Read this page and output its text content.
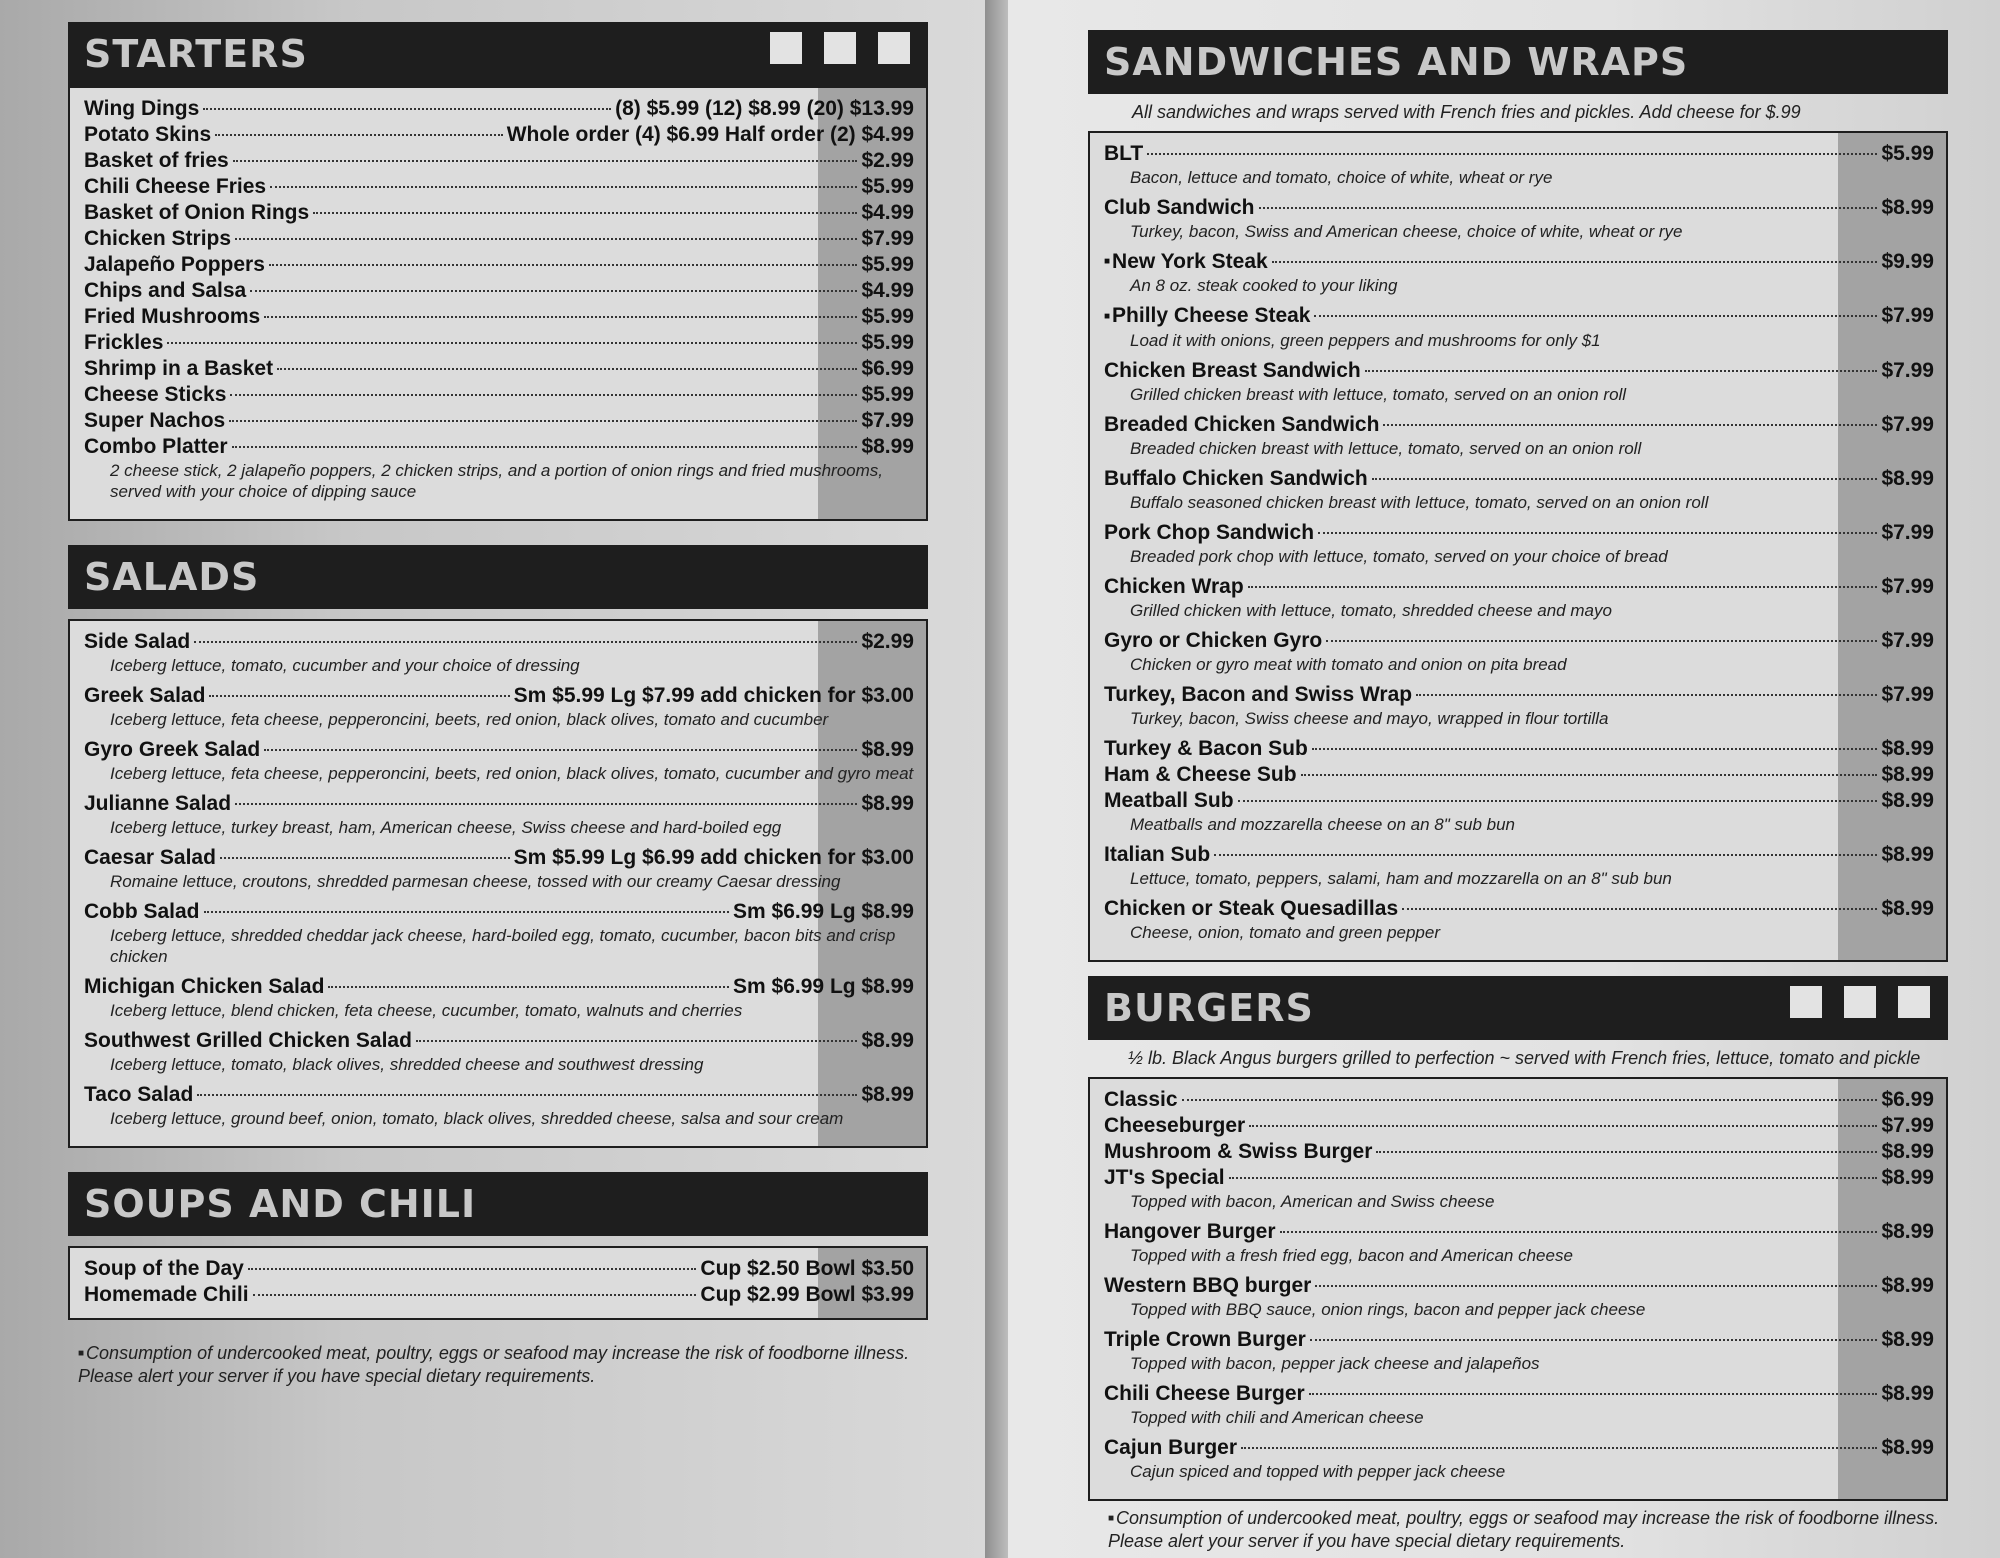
STARTERS
Wing Dings	(8) $5.99 (12) $8.99 (20) $13.99
Potato Skins	Whole order (4) $6.99 Half order (2) $4.99
Basket of fries	$2.99
Chili Cheese Fries	$5.99
Basket of Onion Rings	$4.99
Chicken Strips	$7.99
Jalapeño Poppers	$5.99
Chips and Salsa	$4.99
Fried Mushrooms	$5.99
Frickles	$5.99
Shrimp in a Basket	$6.99
Cheese Sticks	$5.99
Super Nachos	$7.99
Combo Platter	$8.99
2 cheese stick, 2 jalapeño poppers, 2 chicken strips, and a portion of onion rings and fried mushrooms, served with your choice of dipping sauce
SALADS
Side Salad	$2.99
Iceberg lettuce, tomato, cucumber and your choice of dressing
Greek Salad	Sm $5.99 Lg $7.99 add chicken for $3.00
Iceberg lettuce, feta cheese, pepperoncini, beets, red onion, black olives, tomato and cucumber
Gyro Greek Salad	$8.99
Iceberg lettuce, feta cheese, pepperoncini, beets, red onion, black olives, tomato, cucumber and gyro meat
Julianne Salad	$8.99
Iceberg lettuce, turkey breast, ham, American cheese, Swiss cheese and hard-boiled egg
Caesar Salad	Sm $5.99 Lg $6.99 add chicken for $3.00
Romaine lettuce, croutons, shredded parmesan cheese, tossed with our creamy Caesar dressing
Cobb Salad	Sm $6.99 Lg $8.99
Iceberg lettuce, shredded cheddar jack cheese, hard-boiled egg, tomato, cucumber, bacon bits and crisp chicken
Michigan Chicken Salad	Sm $6.99 Lg $8.99
Iceberg lettuce, blend chicken, feta cheese, cucumber, tomato, walnuts and cherries
Southwest Grilled Chicken Salad	$8.99
Iceberg lettuce, tomato, black olives, shredded cheese and southwest dressing
Taco Salad	$8.99
Iceberg lettuce, ground beef, onion, tomato, black olives, shredded cheese, salsa and sour cream
SOUPS AND CHILI
Soup of the Day	Cup $2.50 Bowl $3.50
Homemade Chili	Cup $2.99 Bowl $3.99
■ Consumption of undercooked meat, poultry, eggs or seafood may increase the risk of foodborne illness. Please alert your server if you have special dietary requirements.
SANDWICHES AND WRAPS
All sandwiches and wraps served with French fries and pickles. Add cheese for $.99
BLT	$5.99
Bacon, lettuce and tomato, choice of white, wheat or rye
Club Sandwich	$8.99
Turkey, bacon, Swiss and American cheese, choice of white, wheat or rye
■ New York Steak	$9.99
An 8 oz. steak cooked to your liking
■ Philly Cheese Steak	$7.99
Load it with onions, green peppers and mushrooms for only $1
Chicken Breast Sandwich	$7.99
Grilled chicken breast with lettuce, tomato, served on an onion roll
Breaded Chicken Sandwich	$7.99
Breaded chicken breast with lettuce, tomato, served on an onion roll
Buffalo Chicken Sandwich	$8.99
Buffalo seasoned chicken breast with lettuce, tomato, served on an onion roll
Pork Chop Sandwich	$7.99
Breaded pork chop with lettuce, tomato, served on your choice of bread
Chicken Wrap	$7.99
Grilled chicken with lettuce, tomato, shredded cheese and mayo
Gyro or Chicken Gyro	$7.99
Chicken or gyro meat with tomato and onion on pita bread
Turkey, Bacon and Swiss Wrap	$7.99
Turkey, bacon, Swiss cheese and mayo, wrapped in flour tortilla
Turkey & Bacon Sub	$8.99
Ham & Cheese Sub	$8.99
Meatball Sub	$8.99
Meatballs and mozzarella cheese on an 8" sub bun
Italian Sub	$8.99
Lettuce, tomato, peppers, salami, ham and mozzarella on an 8" sub bun
Chicken or Steak Quesadillas	$8.99
Cheese, onion, tomato and green pepper
BURGERS
½ lb. Black Angus burgers grilled to perfection ~ served with French fries, lettuce, tomato and pickle
Classic	$6.99
Cheeseburger	$7.99
Mushroom & Swiss Burger	$8.99
JT's Special	$8.99
Topped with bacon, American and Swiss cheese
Hangover Burger	$8.99
Topped with a fresh fried egg, bacon and American cheese
Western BBQ burger	$8.99
Topped with BBQ sauce, onion rings, bacon and pepper jack cheese
Triple Crown Burger	$8.99
Topped with bacon, pepper jack cheese and jalapeños
Chili Cheese Burger	$8.99
Topped with chili and American cheese
Cajun Burger	$8.99
Cajun spiced and topped with pepper jack cheese
■ Consumption of undercooked meat, poultry, eggs or seafood may increase the risk of foodborne illness. Please alert your server if you have special dietary requirements.
